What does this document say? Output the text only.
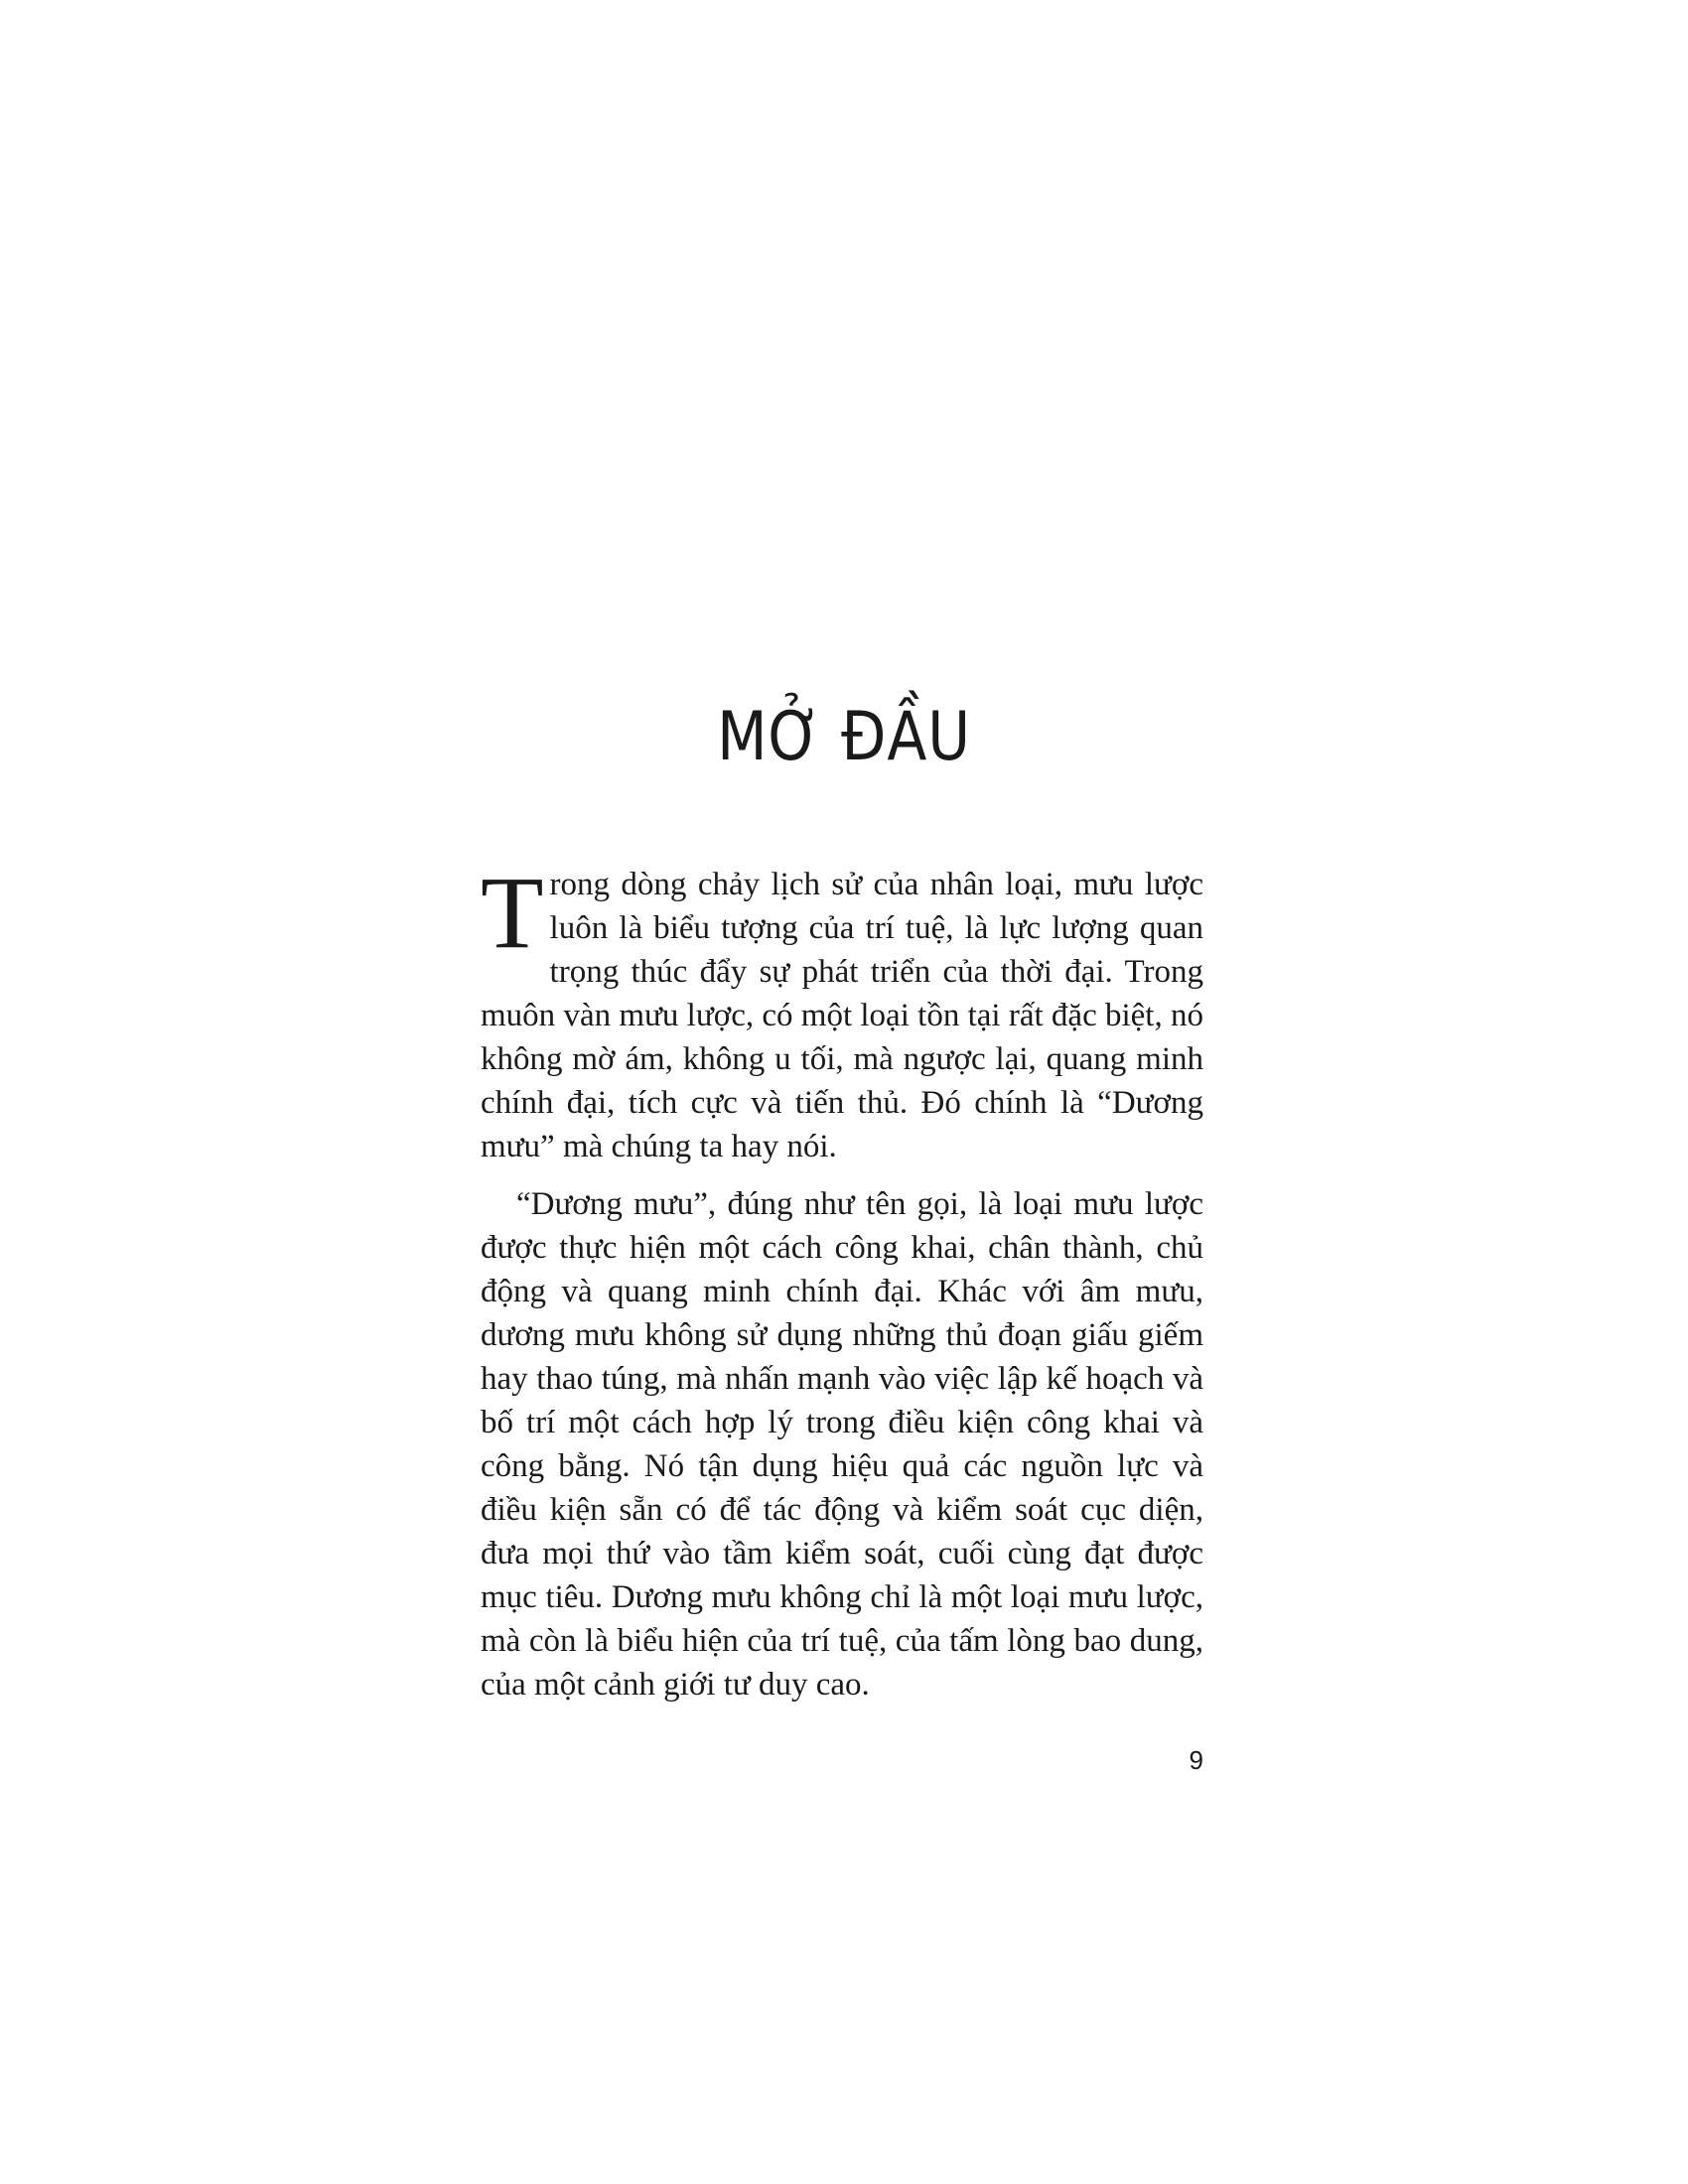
MỞ ĐẦU

Trong dòng chảy lịch sử của nhân loại, mưu lược luôn là biểu tượng của trí tuệ, là lực lượng quan trọng thúc đẩy sự phát triển của thời đại. Trong muôn vàn mưu lược, có một loại tồn tại rất đặc biệt, nó không mờ ám, không u tối, mà ngược lại, quang minh chính đại, tích cực và tiến thủ. Đó chính là “Dương mưu” mà chúng ta hay nói.

“Dương mưu”, đúng như tên gọi, là loại mưu lược được thực hiện một cách công khai, chân thành, chủ động và quang minh chính đại. Khác với âm mưu, dương mưu không sử dụng những thủ đoạn giấu giếm hay thao túng, mà nhấn mạnh vào việc lập kế hoạch và bố trí một cách hợp lý trong điều kiện công khai và công bằng. Nó tận dụng hiệu quả các nguồn lực và điều kiện sẵn có để tác động và kiểm soát cục diện, đưa mọi thứ vào tầm kiểm soát, cuối cùng đạt được mục tiêu. Dương mưu không chỉ là một loại mưu lược, mà còn là biểu hiện của trí tuệ, của tấm lòng bao dung, của một cảnh giới tư duy cao.

9
